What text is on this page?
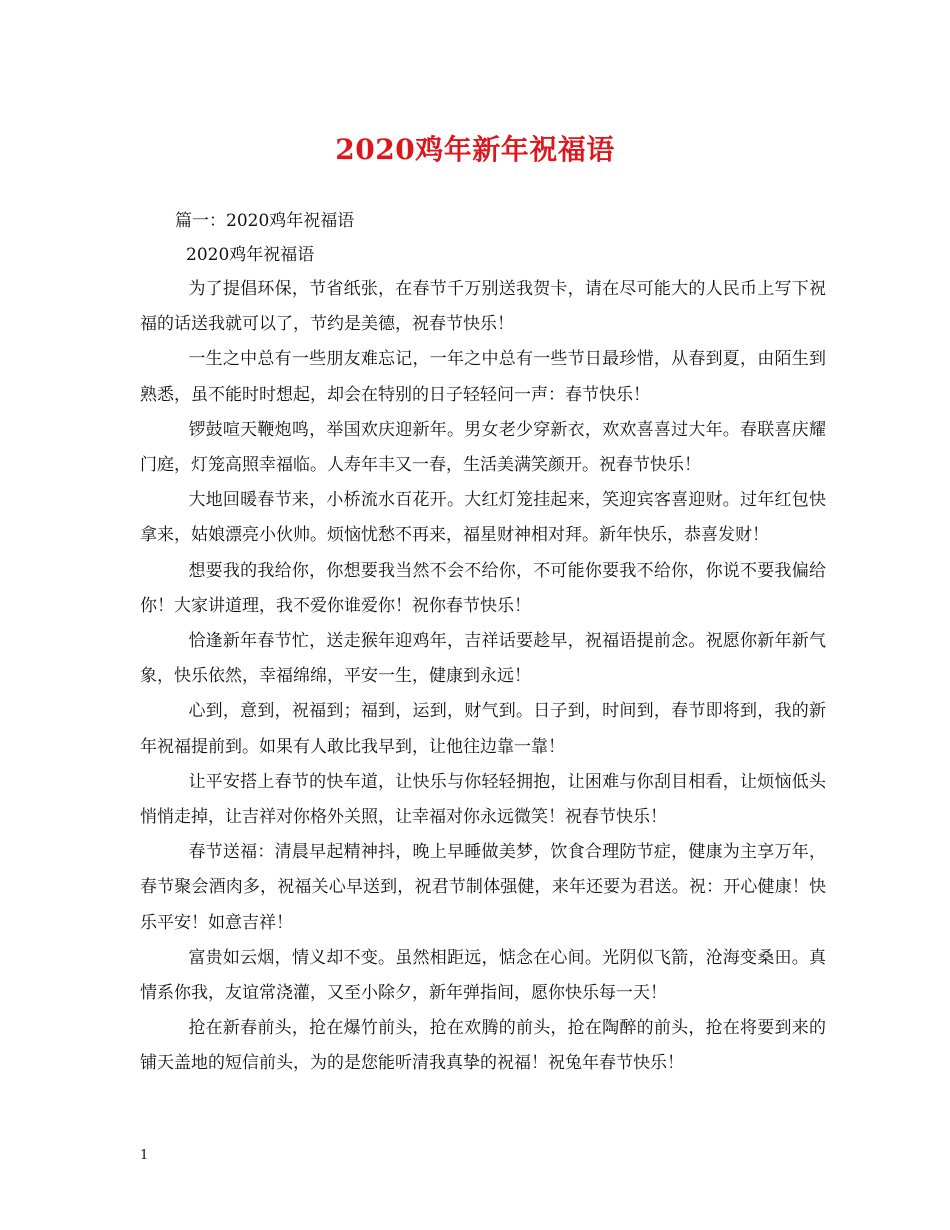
2020鸡年新年祝福语
篇一：2020鸡年祝福语
2020鸡年祝福语

为了提倡环保，节省纸张，在春节千万别送我贺卡，请在尽可能大的人民币上写下祝福的话送我就可以了，节约是美德，祝春节快乐！

一生之中总有一些朋友难忘记，一年之中总有一些节日最珍惜，从春到夏，由陌生到熟悉，虽不能时时想起，却会在特别的日子轻轻问一声：春节快乐！

锣鼓喧天鞭炮鸣，举国欢庆迎新年。男女老少穿新衣，欢欢喜喜过大年。春联喜庆耀门庭，灯笼高照幸福临。人寿年丰又一春，生活美满笑颜开。祝春节快乐！

大地回暖春节来，小桥流水百花开。大红灯笼挂起来，笑迎宾客喜迎财。过年红包快拿来，姑娘漂亮小伙帅。烦恼忧愁不再来，福星财神相对拜。新年快乐，恭喜发财！

想要我的我给你，你想要我当然不会不给你，不可能你要我不给你，你说不要我偏给你！大家讲道理，我不爱你谁爱你！祝你春节快乐！

恰逢新年春节忙，送走猴年迎鸡年，吉祥话要趁早，祝福语提前念。祝愿你新年新气象，快乐依然，幸福绵绵，平安一生，健康到永远！

心到，意到，祝福到；福到，运到，财气到。日子到，时间到，春节即将到，我的新年祝福提前到。如果有人敢比我早到，让他往边靠一靠！

让平安搭上春节的快车道，让快乐与你轻轻拥抱，让困难与你刮目相看，让烦恼低头悄悄走掉，让吉祥对你格外关照，让幸福对你永远微笑！祝春节快乐！

春节送福：清晨早起精神抖，晚上早睡做美梦，饮食合理防节症，健康为主享万年，春节聚会酒肉多，祝福关心早送到，祝君节制体强健，来年还要为君送。祝：开心健康！快乐平安！如意吉祥！

富贵如云烟，情义却不变。虽然相距远，惦念在心间。光阴似飞箭，沧海变桑田。真情系你我，友谊常浇灌，又至小除夕，新年弹指间，愿你快乐每一天！

抢在新春前头，抢在爆竹前头，抢在欢腾的前头，抢在陶醉的前头，抢在将要到来的铺天盖地的短信前头，为的是您能听清我真挚的祝福！祝兔年春节快乐！

1
